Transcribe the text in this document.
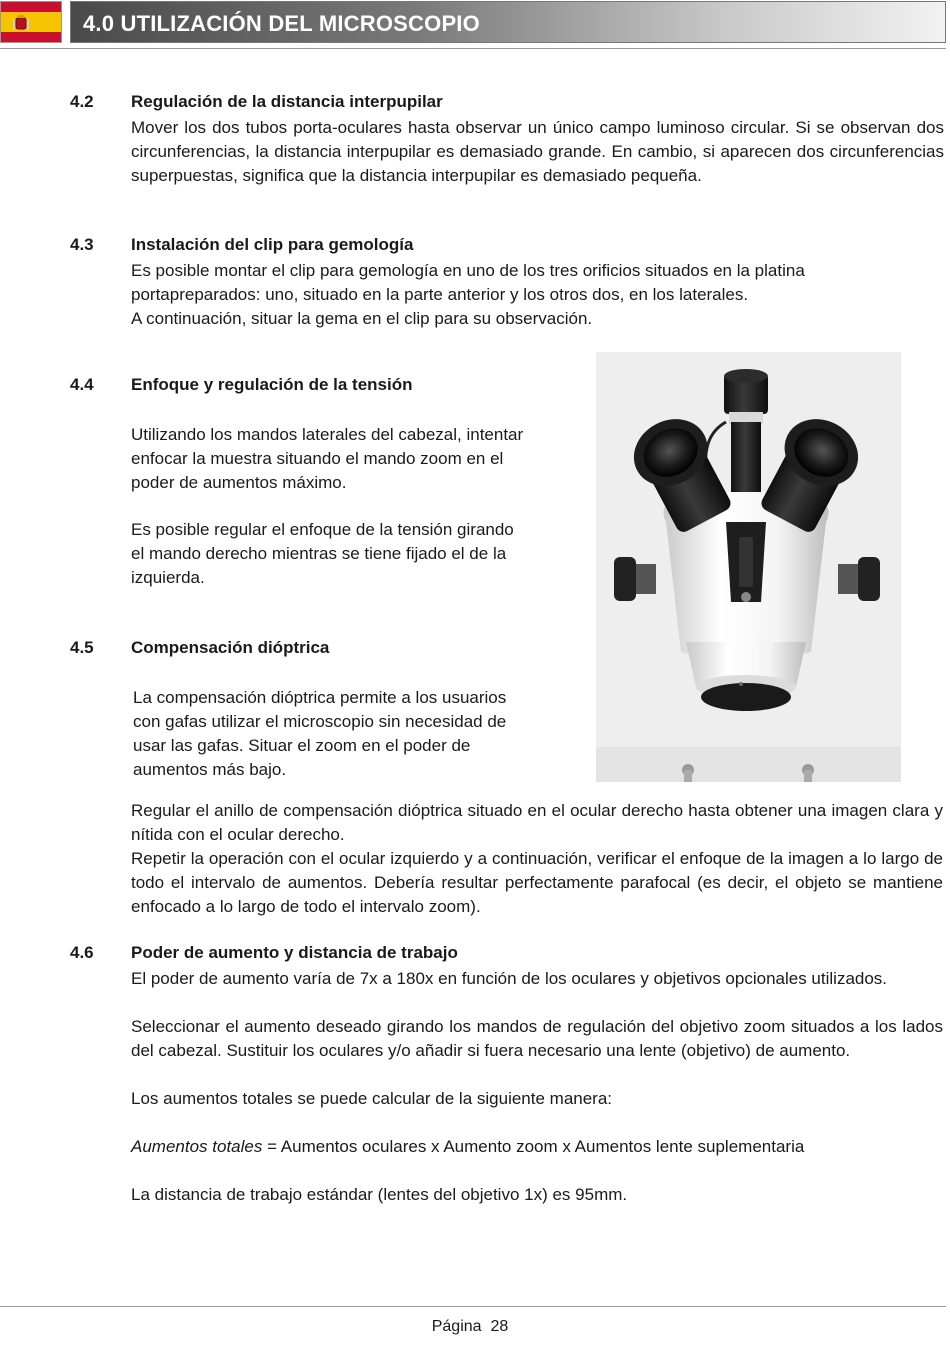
4.0 UTILIZACIÓN DEL MICROSCOPIO
4.2 Regulación de la distancia interpupilar
Mover los dos tubos porta-oculares hasta observar un único campo luminoso circular. Si se observan dos circunferencias, la distancia interpupilar es demasiado grande. En cambio, si aparecen dos circunferencias superpuestas, significa que la distancia interpupilar es demasiado pequeña.
4.3 Instalación del clip para gemología

Es posible montar el clip para gemología en uno de los tres orificios situados en la platina

portapreparados: uno, situado en la parte anterior y los otros dos, en los laterales.

A continuación, situar la gema en el clip para su observación.

4.4 Enfoque y regulación de la tensión
Utilizando los mandos laterales del cabezal, intentar enfocar la muestra situando el mando zoom en el poder de aumentos máximo.
Es posible regular el enfoque de la tensión girando el mando derecho mientras se tiene fijado el de la izquierda.
4.5 Compensación dióptrica
La compensación dióptrica permite a los usuarios con gafas utilizar el microscopio sin necesidad de usar las gafas. Situar el zoom en el poder de aumentos más bajo.
Regular el anillo de compensación dióptrica situado en el ocular derecho hasta obtener una imagen clara y nítida con el ocular derecho.
Repetir la operación con el ocular izquierdo y a continuación, verificar el enfoque de la imagen a lo largo de todo el intervalo de aumentos. Debería resultar perfectamente parafocal (es decir, el objeto se mantiene enfocado a lo largo de todo el intervalo zoom).
4.6 Poder de aumento y distancia de trabajo
El poder de aumento varía de 7x a 180x en función de los oculares y objetivos opcionales utilizados.
Seleccionar el aumento deseado girando los mandos de regulación del objetivo zoom situados a los lados del cabezal. Sustituir los oculares y/o añadir si fuera necesario una lente (objetivo) de aumento.
Los aumentos totales se puede calcular de la siguiente manera:
Aumentos totales = Aumentos oculares x Aumento zoom x Aumentos lente suplementaria
La distancia de trabajo estándar (lentes del objetivo 1x) es 95mm.
Página  28
